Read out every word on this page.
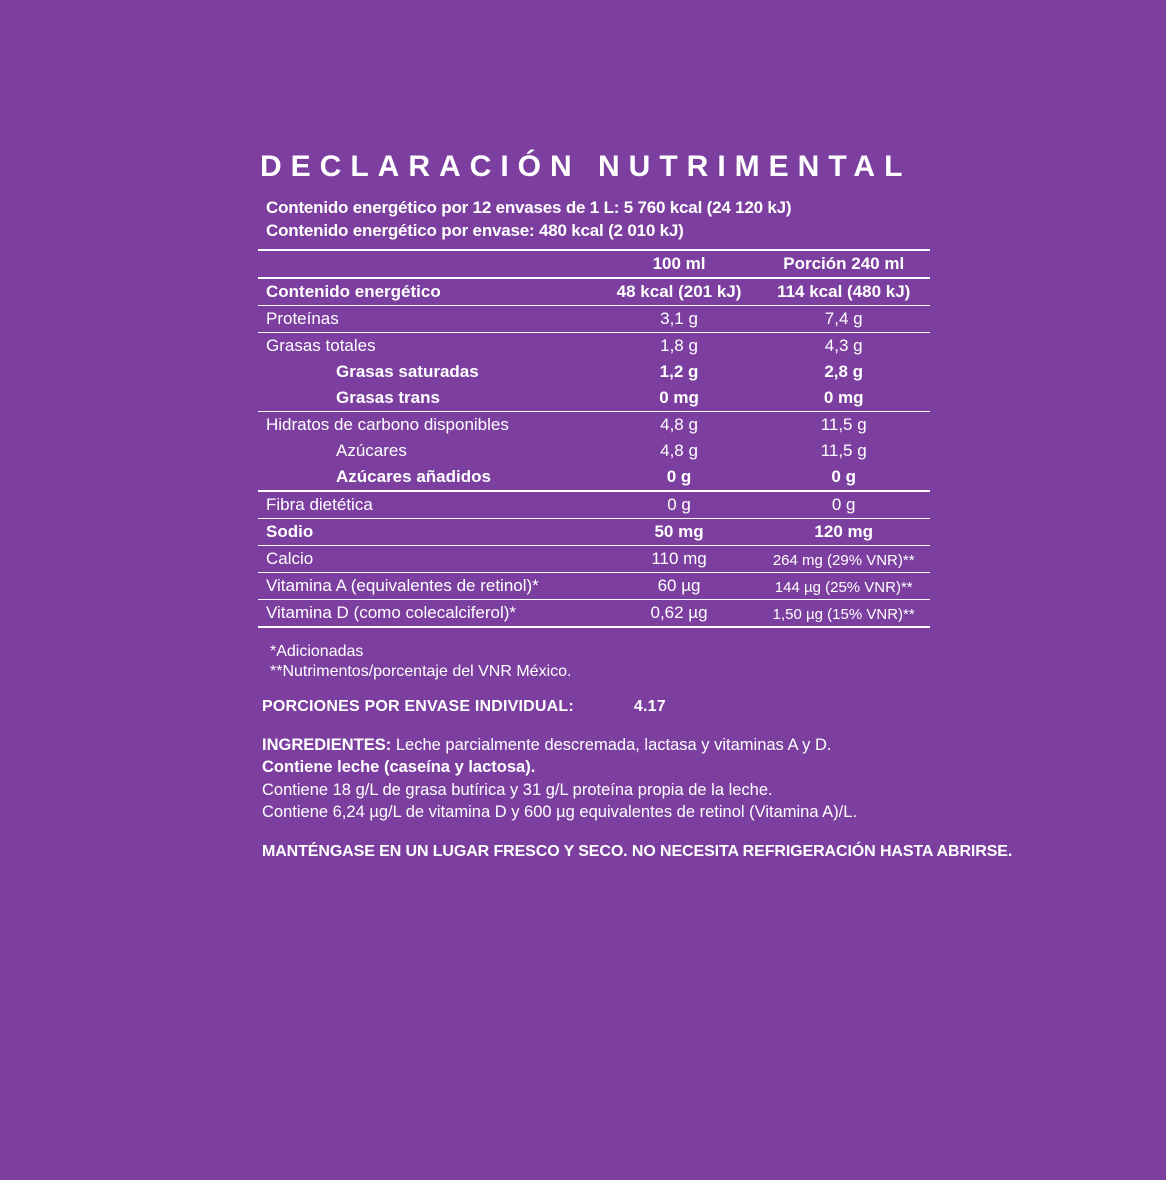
DECLARACIÓN NUTRIMENTAL
Contenido energético por 12 envases de 1 L: 5 760 kcal (24 120 kJ)
Contenido energético por envase: 480 kcal (2 010 kJ)
	100 ml	Porción 240 ml
Contenido energético	48 kcal (201 kJ)	114 kcal (480 kJ)
Proteínas	3,1 g	7,4 g
Grasas totales	1,8 g	4,3 g
Grasas saturadas	1,2 g	2,8 g
Grasas trans	0 mg	0 mg
Hidratos de carbono disponibles	4,8 g	11,5 g
Azúcares	4,8 g	11,5 g
Azúcares añadidos	0 g	0 g
Fibra dietética	0 g	0 g
Sodio	50 mg	120 mg
Calcio	110 mg	264 mg (29% VNR)**
Vitamina A (equivalentes de retinol)*	60 µg	144 µg (25% VNR)**
Vitamina D (como colecalciferol)*	0,62 µg	1,50 µg (15% VNR)**

*Adicionadas
**Nutrimentos/porcentaje del VNR México.
PORCIONES POR ENVASE INDIVIDUAL:	4.17
INGREDIENTES: Leche parcialmente descremada, lactasa y vitaminas A y D.
Contiene leche (caseína y lactosa).
Contiene 18 g/L de grasa butírica y 31 g/L proteína propia de la leche.
Contiene 6,24 µg/L de vitamina D y 600 µg equivalentes de retinol (Vitamina A)/L.
MANTÉNGASE EN UN LUGAR FRESCO Y SECO. NO NECESITA REFRIGERACIÓN HASTA ABRIRSE.
